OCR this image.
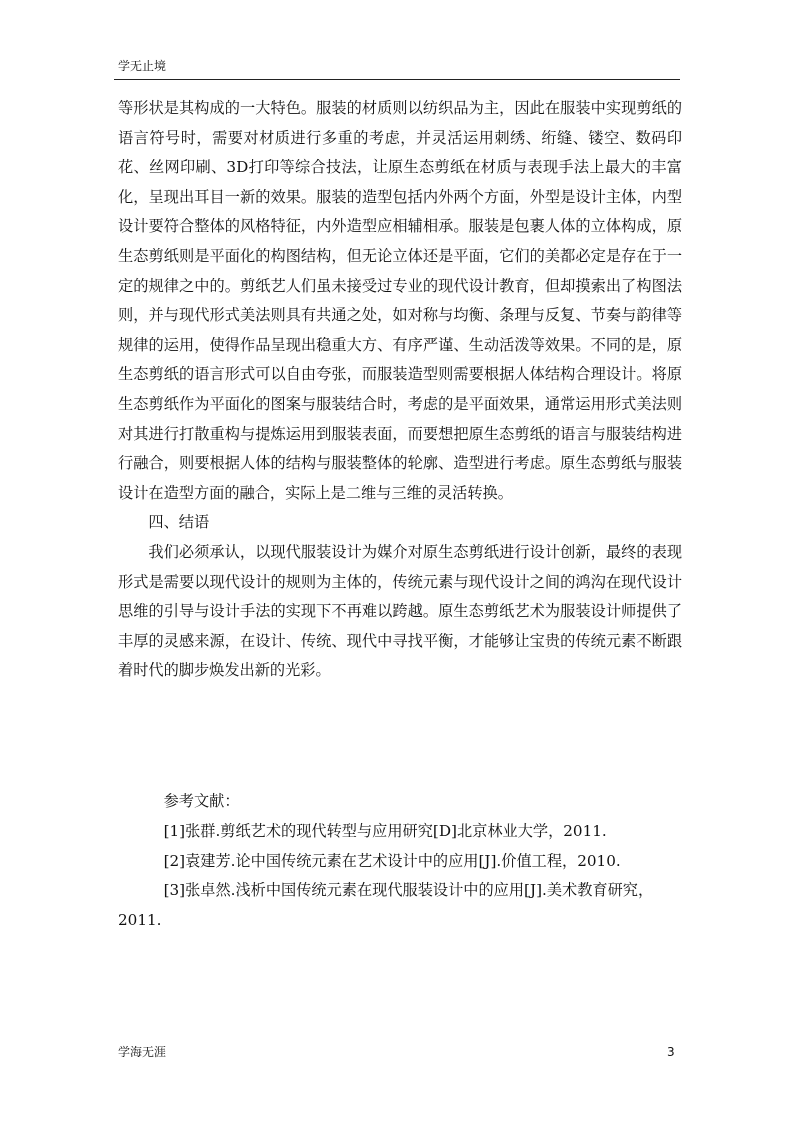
学无止境

等形状是其构成的一大特色。服装的材质则以纺织品为主，因此在服装中实现剪纸的语言符号时，需要对材质进行多重的考虑，并灵活运用刺绣、绗缝、镂空、数码印花、丝网印刷、3D打印等综合技法，让原生态剪纸在材质与表现手法上最大的丰富化，呈现出耳目一新的效果。服装的造型包括内外两个方面，外型是设计主体，内型设计要符合整体的风格特征，内外造型应相辅相承。服装是包裹人体的立体构成，原生态剪纸则是平面化的构图结构，但无论立体还是平面，它们的美都必定是存在于一定的规律之中的。剪纸艺人们虽未接受过专业的现代设计教育，但却摸索出了构图法则，并与现代形式美法则具有共通之处，如对称与均衡、条理与反复、节奏与韵律等规律的运用，使得作品呈现出稳重大方、有序严谨、生动活泼等效果。不同的是，原生态剪纸的语言形式可以自由夸张，而服装造型则需要根据人体结构合理设计。将原生态剪纸作为平面化的图案与服装结合时，考虑的是平面效果，通常运用形式美法则对其进行打散重构与提炼运用到服装表面，而要想把原生态剪纸的语言与服装结构进行融合，则要根据人体的结构与服装整体的轮廓、造型进行考虑。原生态剪纸与服装设计在造型方面的融合，实际上是二维与三维的灵活转换。

四、结语

我们必须承认，以现代服装设计为媒介对原生态剪纸进行设计创新，最终的表现形式是需要以现代设计的规则为主体的，传统元素与现代设计之间的鸿沟在现代设计思维的引导与设计手法的实现下不再难以跨越。原生态剪纸艺术为服装设计师提供了丰厚的灵感来源，在设计、传统、现代中寻找平衡，才能够让宝贵的传统元素不断跟着时代的脚步焕发出新的光彩。

参考文献：

[1]张群.剪纸艺术的现代转型与应用研究[D]北京林业大学，2011.

[2]袁建芳.论中国传统元素在艺术设计中的应用[J].价值工程，2010.

[3]张卓然.浅析中国传统元素在现代服装设计中的应用[J].美术教育研究，2011.

学海无涯	3
